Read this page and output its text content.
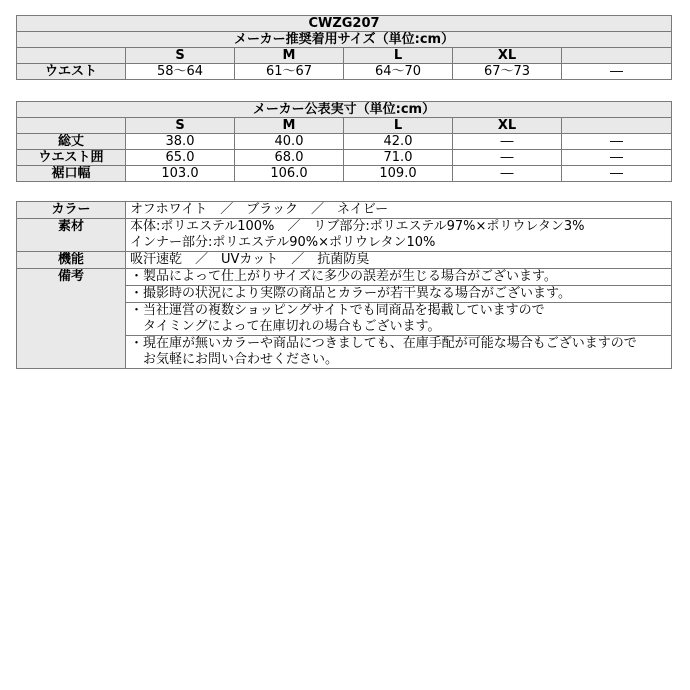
CWZG207					
メーカー推奨着用サイズ（単位:cm）					
	S	M	L	XL	
ウエスト	58～64	61～67	64～70	67～73	―
メーカー公表実寸（単位:cm）					
	S	M	L	XL	
総丈	38.0	40.0	42.0	―	―
ウエスト囲	65.0	68.0	71.0	―	―
裾口幅	103.0	106.0	109.0	―	―
カラー	オフホワイト　／　ブラック　／　ネイビー
素材	本体:ポリエステル100%　／　リブ部分:ポリエステル97%×ポリウレタン3%
インナー部分:ポリエステル90%×ポリウレタン10%

機能	吸汗速乾　／　UVカット　／　抗菌防臭
備考	・製品によって仕上がりサイズに多少の誤差が生じる場合がございます。
	・撮影時の状況により実際の商品とカラーが若干異なる場合がございます。

	・当社運営の複数ショッピングサイトでも同商品を掲載していますので
　タイミングによって在庫切れの場合もございます。

	・現在庫が無いカラーや商品につきましても、在庫手配が可能な場合もございますので
　お気軽にお問い合わせください。
